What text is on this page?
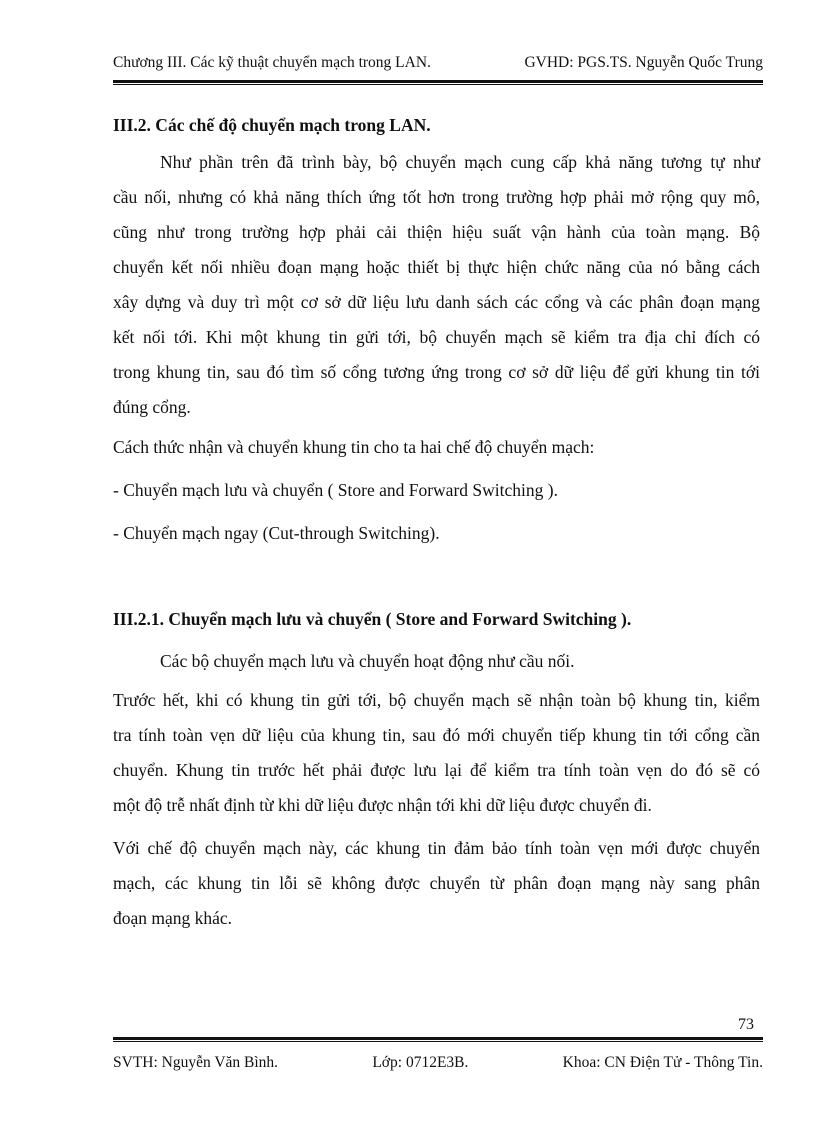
Chương III. Các kỹ thuật chuyển mạch trong LAN.	GVHD: PGS.TS. Nguyễn Quốc Trung
III.2. Các chế độ chuyển mạch trong LAN.
Như phần trên đã trình bày, bộ chuyển mạch cung cấp khả năng tương tự như
cầu nối, nhưng có khả năng thích ứng tốt hơn trong trường hợp phải mở rộng quy mô,
cũng như trong trường hợp phải cải thiện hiệu suất vận hành của toàn mạng. Bộ
chuyển kết nối nhiều đoạn mạng hoặc thiết bị thực hiện chức năng của nó bằng cách
xây dựng và duy trì một cơ sở dữ liệu lưu danh sách các cổng và các phân đoạn mạng
kết nối tới. Khi một khung tin gửi tới, bộ chuyển mạch sẽ kiểm tra địa chỉ đích có
trong khung tin, sau đó tìm số cổng tương ứng trong cơ sở dữ liệu để gửi khung tin tới
đúng cổng.
Cách thức nhận và chuyển khung tin cho ta hai chế độ chuyển mạch:
- Chuyển mạch lưu và chuyển ( Store and Forward Switching ).
- Chuyển mạch ngay (Cut-through Switching).
III.2.1. Chuyển mạch lưu và chuyển ( Store and Forward Switching ).
Các bộ chuyển mạch lưu và chuyển hoạt động như cầu nối.
Trước hết, khi có khung tin gửi tới, bộ chuyển mạch sẽ nhận toàn bộ khung tin, kiểm
tra tính toàn vẹn dữ liệu của khung tin, sau đó mới chuyển tiếp khung tin tới cổng cần
chuyển. Khung tin trước hết phải được lưu lại để kiểm tra tính toàn vẹn do đó sẽ có
một độ trễ nhất định từ khi dữ liệu được nhận tới khi dữ liệu được chuyển đi.
Với chế độ chuyển mạch này, các khung tin đảm bảo tính toàn vẹn mới được chuyển
mạch, các khung tin lỗi sẽ không được chuyển từ phân đoạn mạng này sang phân
đoạn mạng khác.
73
SVTH: Nguyễn Văn Bình.	Lớp: 0712E3B.	Khoa: CN Điện Tử - Thông Tin.
